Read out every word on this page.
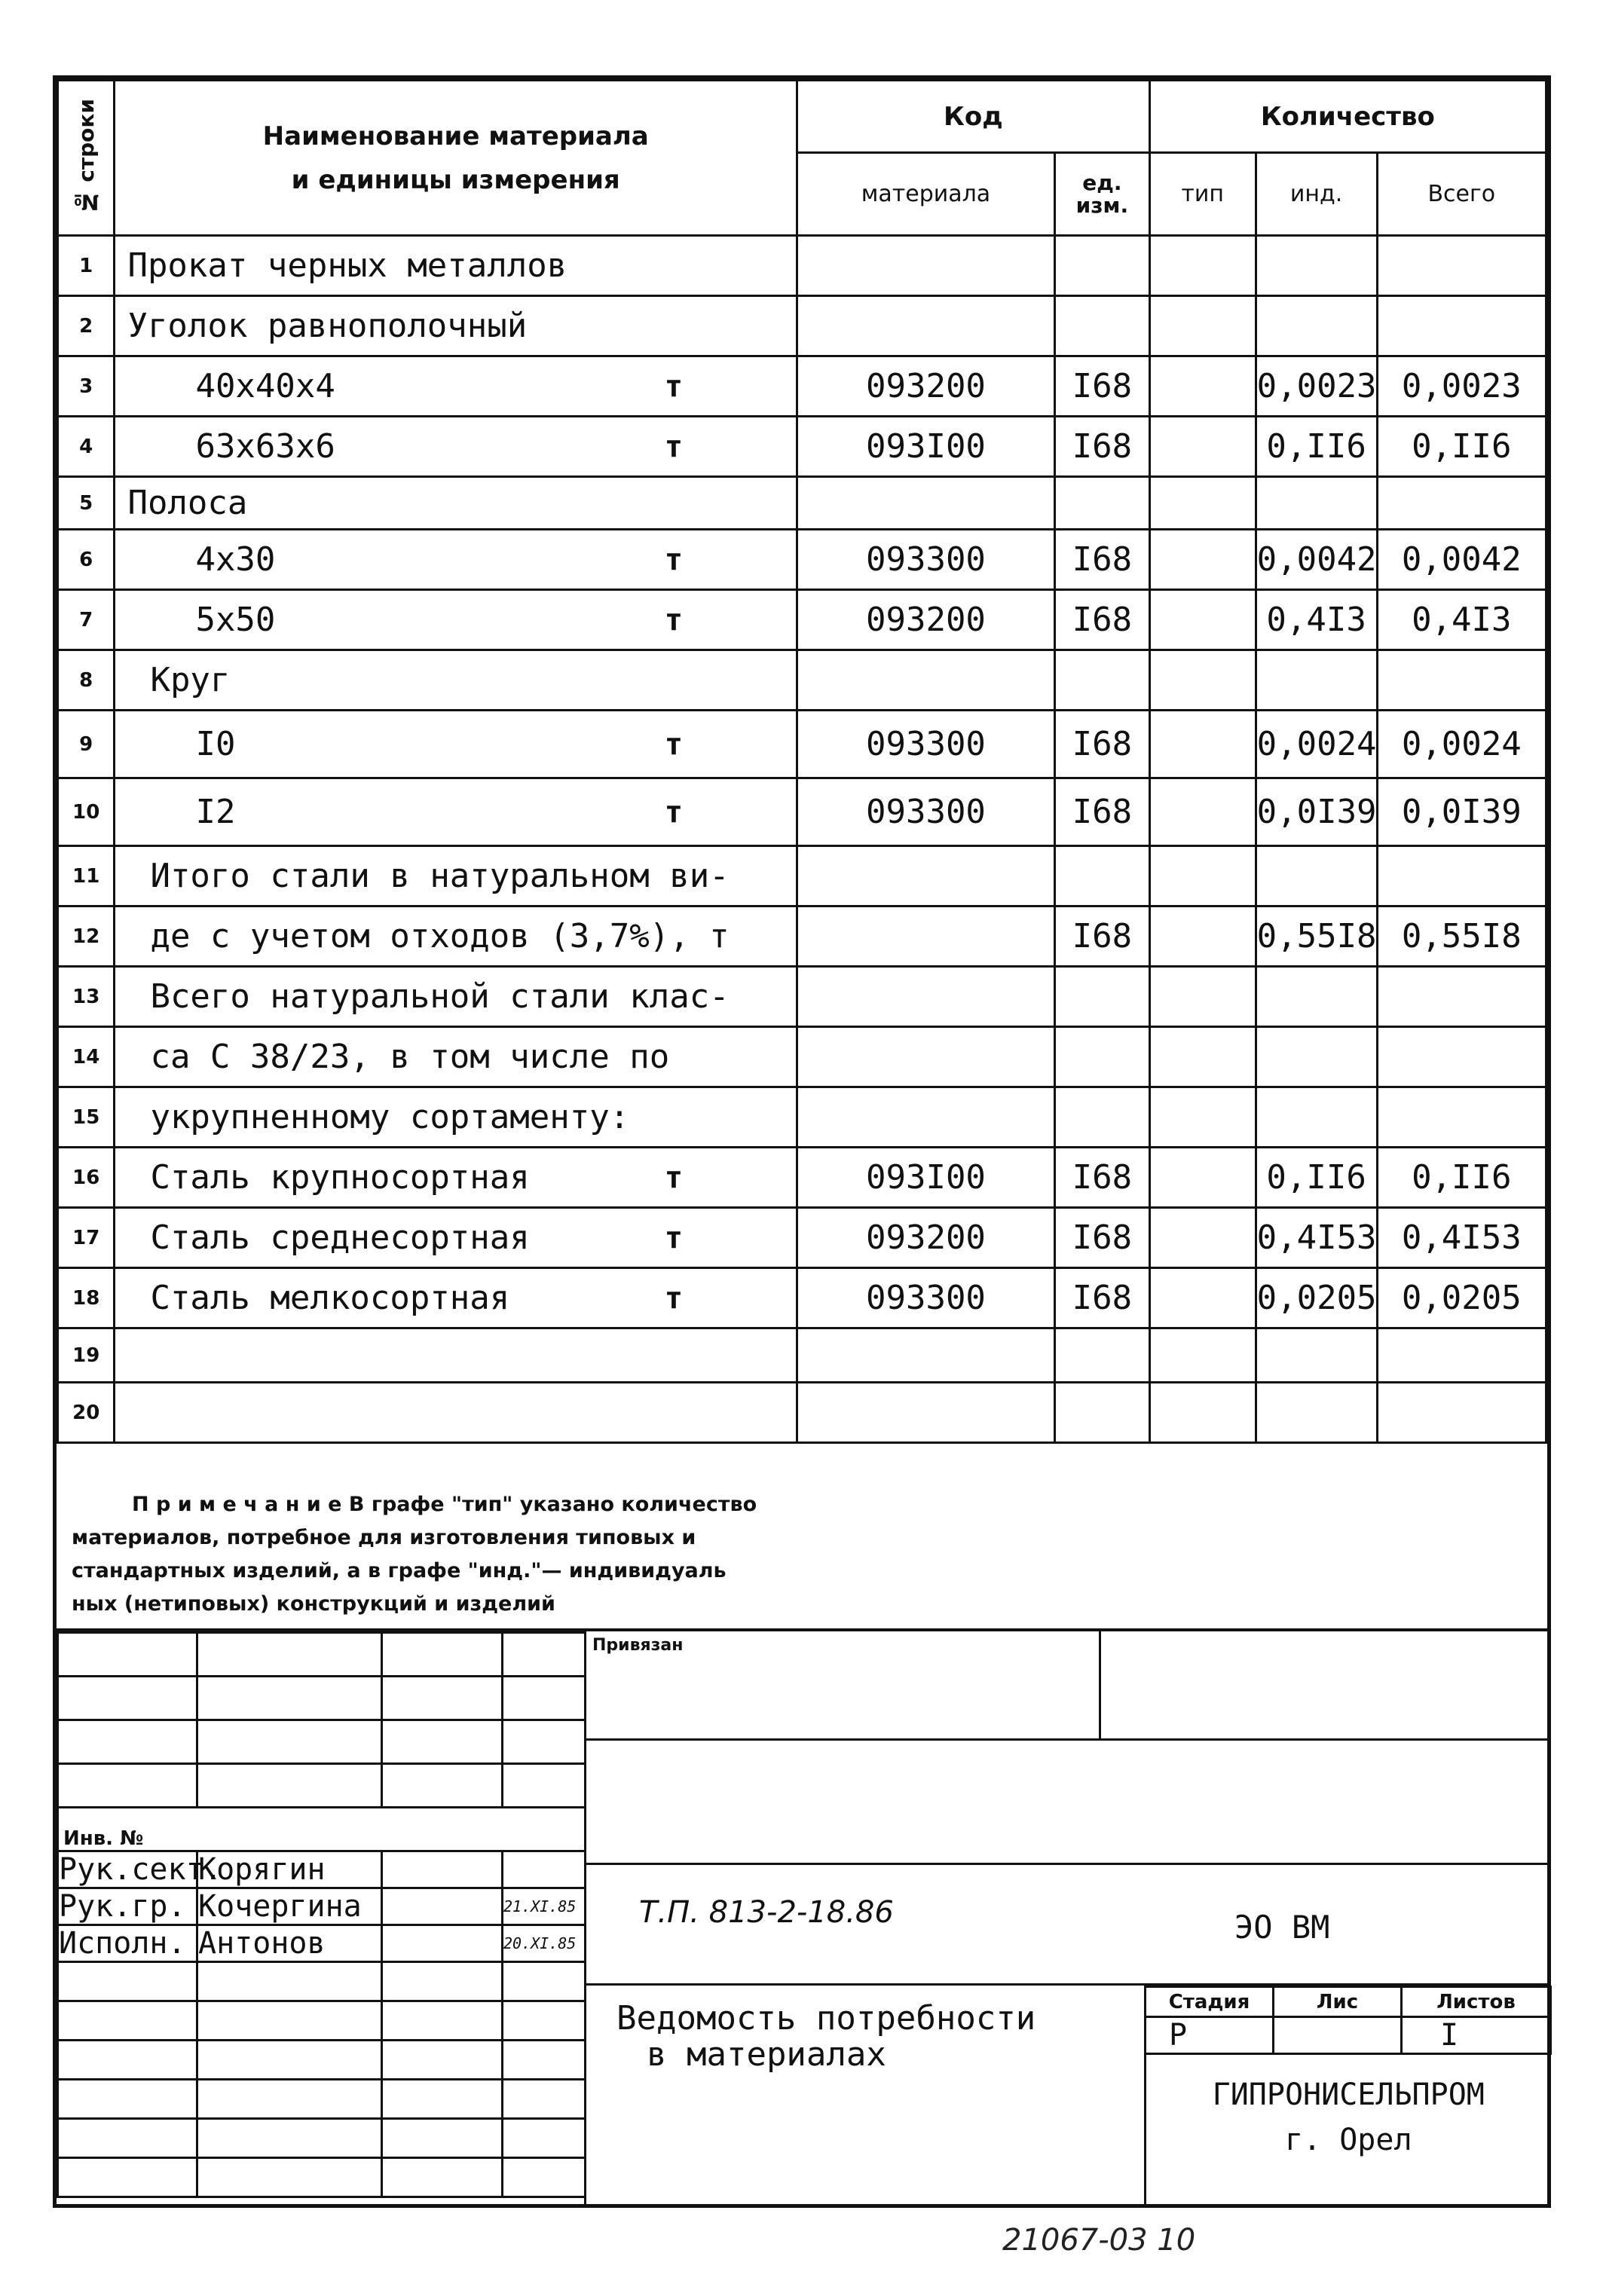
№ строки	Наименование материала
и единицы измерения	Код		Количество		
		материала	ед. изм.	тип	инд.	Всего
1	Прокат черных металлов

2	Уголок равнополочный

3	40x40x4 т	093200	I68		0,0023	0,0023
4	63x63x6 т	093I00	I68		0,II6	0,II6
5	Полоса

6	4x30 т	093300	I68		0,0042	0,0042
7	5x50 т	093200	I68		0,4I3	0,4I3
8	Круг

9	I0 т	093300	I68		0,0024	0,0024
10	I2 т	093300	I68		0,0I39	0,0I39
11	Итого стали в натуральном ви-

12	де с учетом отходов (3,7%), т		I68		0,55I8	0,55I8
13	Всего натуральной стали клас-

14	са С 38/23, в том числе по

15	укрупненному сортаменту:

16	Сталь крупносортная т	093I00	I68		0,II6	0,II6
17	Сталь среднесортная т	093200	I68		0,4I53	0,4I53
18	Сталь мелкосортная т	093300	I68		0,0205	0,0205
19	

20	

П р и м е ч а н и е В графе "тип" указано количество
материалов, потребное для изготовления типовых и
стандартных изделий, а в графе "инд."— индивидуаль
ных (нетиповых) конструкций и изделий

Инв. №			
Рук.сект.	Корягин		
Рук.гр.	Кочергина		21.XI.85
Исполн.	Антонов		20.XI.85

Привязан
Т.П. 813-2-18.86	ЭО ВМ
Ведомость потребности
в материалах
Стадия	Лис	Листов
Р		I

ГИПРОНИСЕЛЬПРОМ
г. Орел		
21067-03 10
